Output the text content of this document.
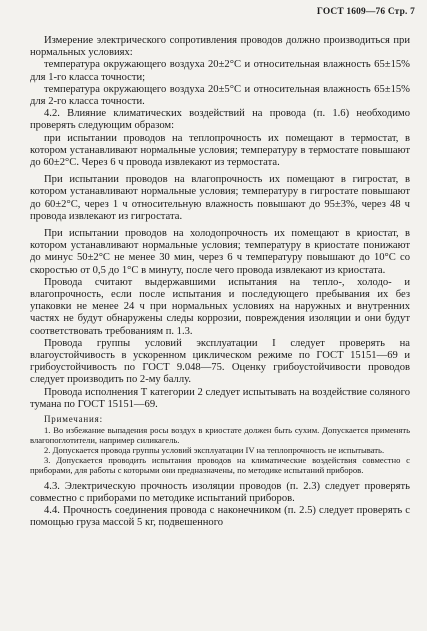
ГОСТ 1609—76 Стр. 7

Измерение электрического сопротивления проводов должно производиться при нормальных условиях:

температура окружающего воздуха 20±2°С и относительная влажность 65±15% для 1-го класса точности;

температура окружающего воздуха 20±5°С и относительная влажность 65±15% для 2-го класса точности.

4.2. Влияние климатических воздействий на провода (п. 1.6) необходимо проверять следующим образом:

при испытании проводов на теплопрочность их помещают в термостат, в котором устанавливают нормальные условия; температуру в термостате повышают до 60±2°С. Через 6 ч провода извлекают из термостата.

При испытании проводов на влагопрочность их помещают в гигростат, в котором устанавливают нормальные условия; температуру в гигростате повышают до 60±2°С, через 1 ч относительную влажность повышают до 95±3%, через 48 ч провода извлекают из гигростата.

При испытании проводов на холодопрочность их помещают в криостат, в котором устанавливают нормальные условия; температуру в криостате понижают до минус 50±2°С не менее 30 мин, через 6 ч температуру повышают до 10°С со скоростью от 0,5 до 1°С в минуту, после чего провода извлекают из криостата.

Провода считают выдержавшими испытания на тепло-, холодо- и влагопрочность, если после испытания и последующего пребывания их без упаковки не менее 24 ч при нормальных условиях на наружных и внутренних частях не будут обнаружены следы коррозии, повреждения изоляции и они будут соответствовать требованиям п. 1.3.

Провода группы условий эксплуатации I следует проверять на влагоустойчивость в ускоренном циклическом режиме по ГОСТ 15151—69 и грибоустойчивость по ГОСТ 9.048—75. Оценку грибоустойчивости проводов следует производить по 2-му баллу.

Провода исполнения Т категории 2 следует испытывать на воздействие соляного тумана по ГОСТ 15151—69.

Примечания:

1. Во избежание выпадения росы воздух в криостате должен быть сухим. Допускается применять влагопоглотители, например силикагель.

2. Допускается провода группы условий эксплуатации IV на теплопрочность не испытывать.

3. Допускается проводить испытания проводов на климатические воздействия совместно с приборами, для работы с которыми они предназначены, по методике испытаний приборов.

4.3. Электрическую прочность изоляции проводов (п. 2.3) следует проверять совместно с приборами по методике испытаний приборов.

4.4. Прочность соединения провода с наконечником (п. 2.5) следует проверять с помощью груза массой 5 кг, подвешенного
